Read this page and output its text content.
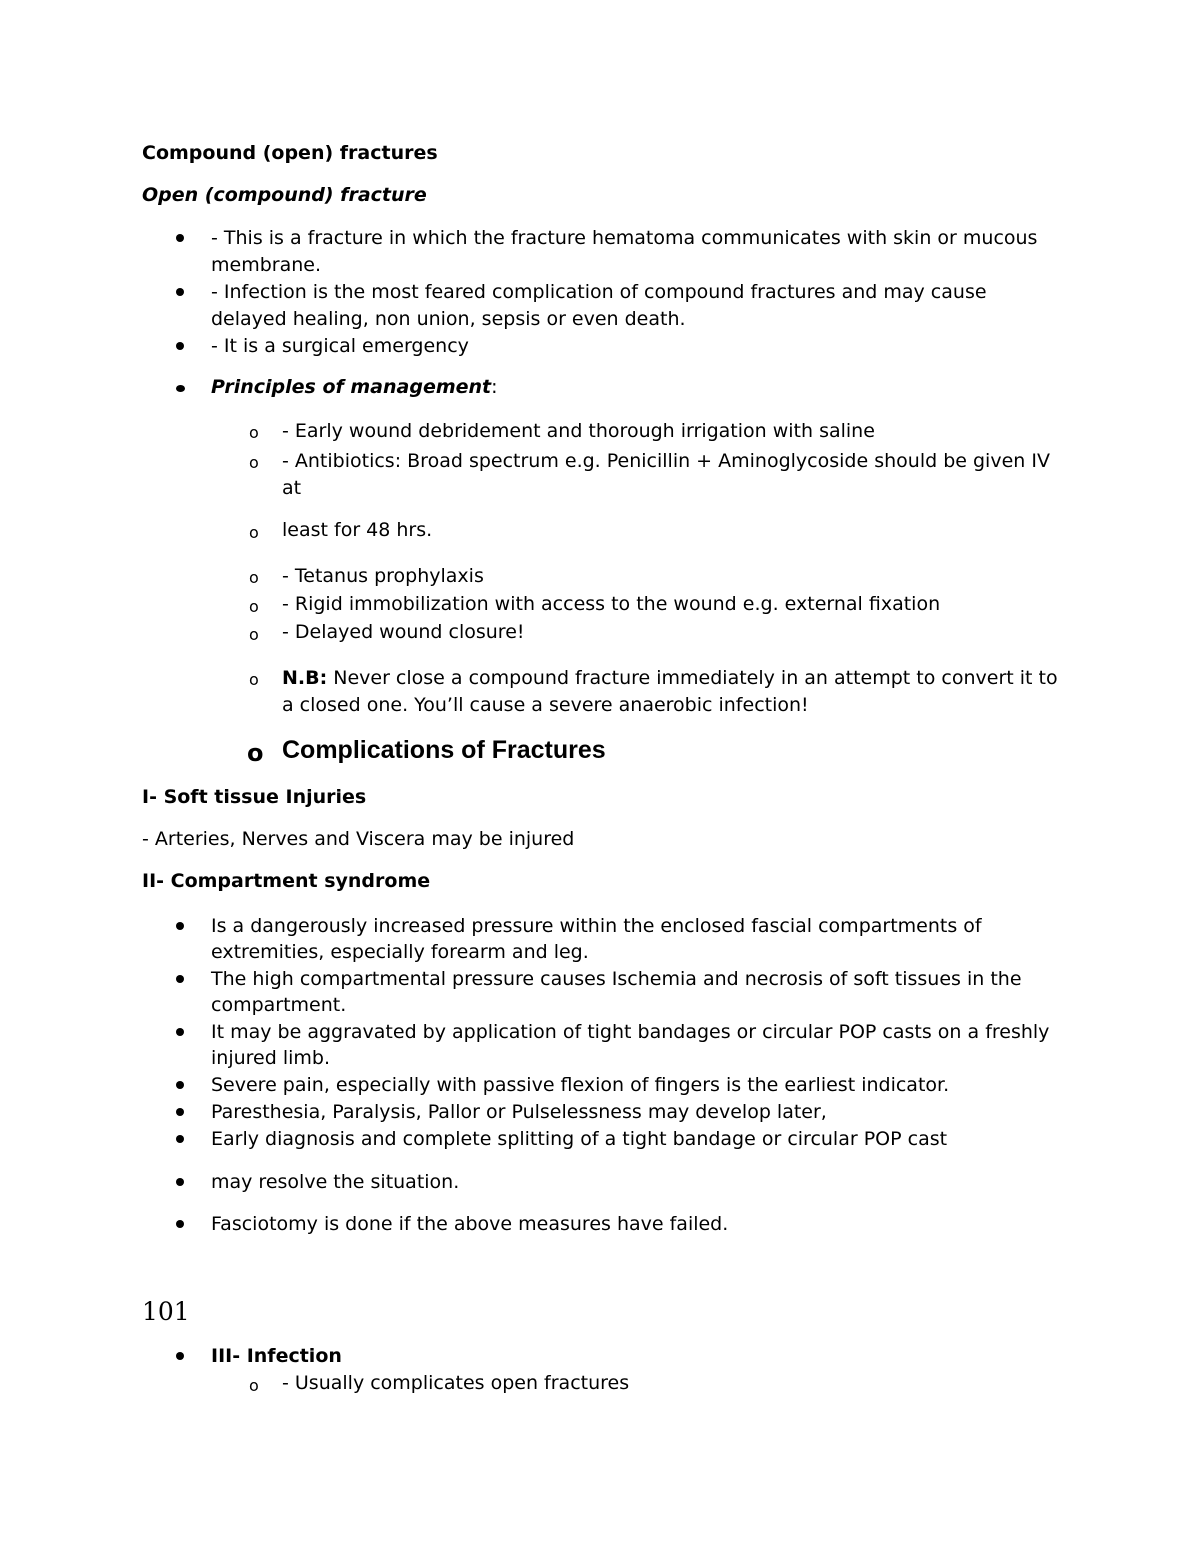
Compound (open) fractures
Open (compound) fracture
- This is a fracture in which the fracture hematoma communicates with skin or mucous
membrane.
- Infection is the most feared complication of compound fractures and may cause
delayed healing, non union, sepsis or even death.
- It is a surgical emergency
Principles of management:
o - Early wound debridement and thorough irrigation with saline
o - Antibiotics: Broad spectrum e.g. Penicillin + Aminoglycoside should be given IV
at
o least for 48 hrs.
o - Tetanus prophylaxis
o - Rigid immobilization with access to the wound e.g. external fixation
o - Delayed wound closure!
o N.B: Never close a compound fracture immediately in an attempt to convert it to
a closed one. You’ll cause a severe anaerobic infection!
o Complications of Fractures
I- Soft tissue Injuries
- Arteries, Nerves and Viscera may be injured
II- Compartment syndrome
Is a dangerously increased pressure within the enclosed fascial compartments of
extremities, especially forearm and leg.
The high compartmental pressure causes Ischemia and necrosis of soft tissues in the
compartment.
It may be aggravated by application of tight bandages or circular POP casts on a freshly
injured limb.
Severe pain, especially with passive flexion of fingers is the earliest indicator.
Paresthesia, Paralysis, Pallor or Pulselessness may develop later,
Early diagnosis and complete splitting of a tight bandage or circular POP cast
may resolve the situation.
Fasciotomy is done if the above measures have failed.
101
III- Infection
o - Usually complicates open fractures
